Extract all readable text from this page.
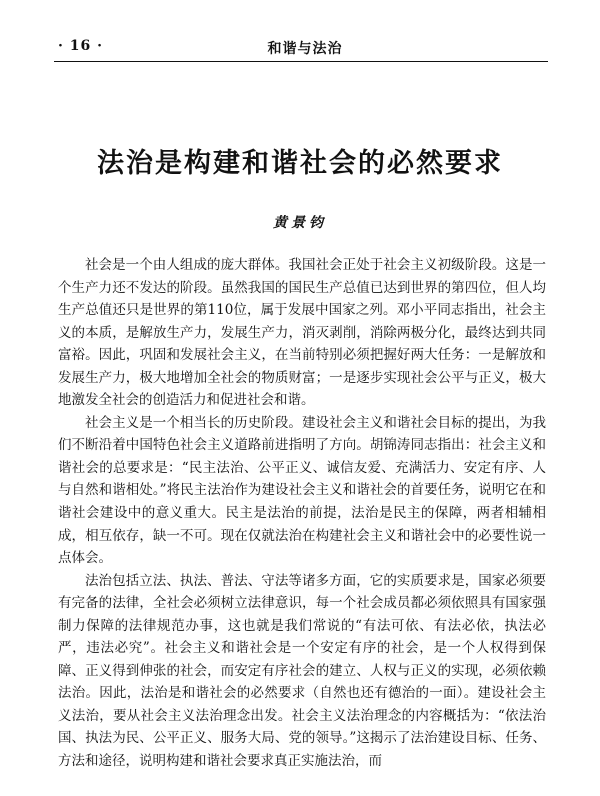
· 16 ·	和谐与法治
法治是构建和谐社会的必然要求
黄景钧

社会是一个由人组成的庞大群体。我国社会正处于社会主义初级阶段。这是一个生产力还不发达的阶段。虽然我国的国民生产总值已达到世界的第四位，但人均生产总值还只是世界的第110位，属于发展中国家之列。邓小平同志指出，社会主义的本质，是解放生产力，发展生产力，消灭剥削，消除两极分化，最终达到共同富裕。因此，巩固和发展社会主义，在当前特别必须把握好两大任务：一是解放和发展生产力，极大地增加全社会的物质财富；一是逐步实现社会公平与正义，极大地激发全社会的创造活力和促进社会和谐。

社会主义是一个相当长的历史阶段。建设社会主义和谐社会目标的提出，为我们不断沿着中国特色社会主义道路前进指明了方向。胡锦涛同志指出：社会主义和谐社会的总要求是：“民主法治、公平正义、诚信友爱、充满活力、安定有序、人与自然和谐相处。”将民主法治作为建设社会主义和谐社会的首要任务，说明它在和谐社会建设中的意义重大。民主是法治的前提，法治是民主的保障，两者相辅相成，相互依存，缺一不可。现在仅就法治在构建社会主义和谐社会中的必要性说一点体会。

法治包括立法、执法、普法、守法等诸多方面，它的实质要求是，国家必须要有完备的法律，全社会必须树立法律意识，每一个社会成员都必须依照具有国家强制力保障的法律规范办事，这也就是我们常说的“有法可依、有法必依，执法必严，违法必究”。社会主义和谐社会是一个安定有序的社会，是一个人权得到保障、正义得到伸张的社会，而安定有序社会的建立、人权与正义的实现，必须依赖法治。因此，法治是和谐社会的必然要求（自然也还有德治的一面）。建设社会主义法治，要从社会主义法治理念出发。社会主义法治理念的内容概括为：“依法治国、执法为民、公平正义、服务大局、党的领导。”这揭示了法治建设目标、任务、方法和途径，说明构建和谐社会要求真正实施法治，而
